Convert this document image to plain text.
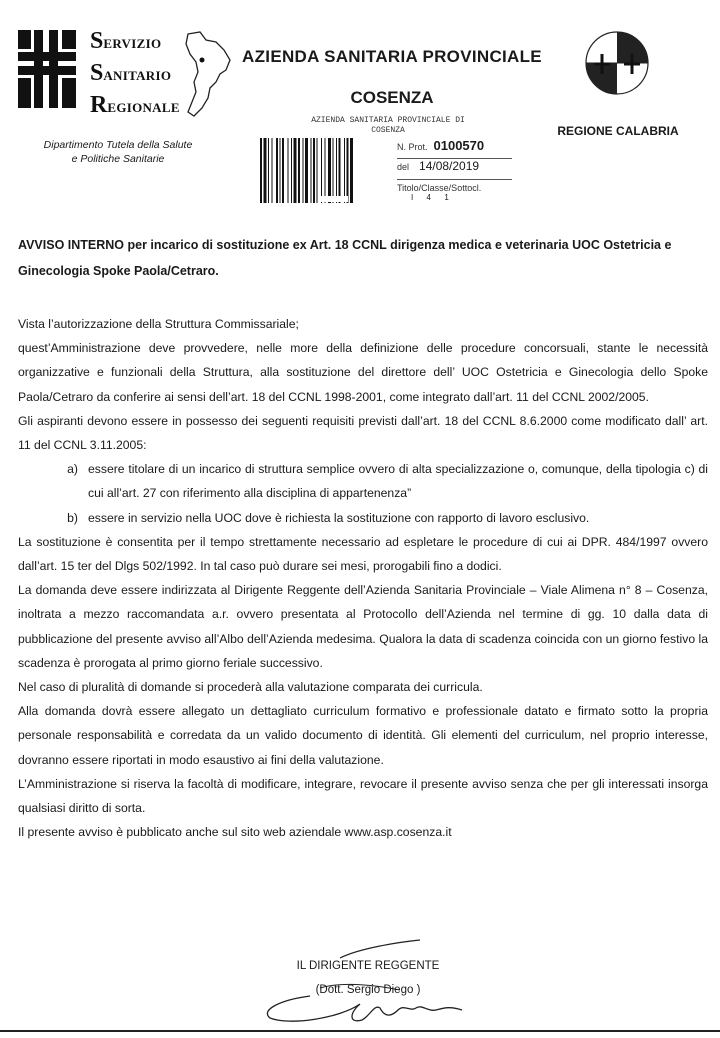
SERVIZIO
SANITARIO
REGIONALE
Dipartimento Tutela della Salute
e Politiche Sanitarie
AZIENDA SANITARIA PROVINCIALE
COSENZA
AZIENDA SANITARIA PROVINCIALE DI
COSENZA
N. Prot. 0100570
del 14/08/2019
Titolo/Classe/Sottocl.
I      4      1
REGIONE CALABRIA
AVVISO INTERNO per incarico di sostituzione ex Art. 18 CCNL dirigenza medica e veterinaria UOC Ostetricia e Ginecologia Spoke Paola/Cetraro.

Vista l’autorizzazione della Struttura Commissariale;

quest’Amministrazione deve provvedere, nelle more della definizione delle procedure concorsuali, stante le necessità organizzative e funzionali della Struttura, alla sostituzione del direttore dell’ UOC Ostetricia e Ginecologia dello Spoke Paola/Cetraro da conferire ai sensi dell’art. 18 del CCNL 1998-2001, come integrato dall’art. 11 del CCNL 2002/2005.

Gli aspiranti devono essere in possesso dei seguenti requisiti previsti dall’art. 18 del CCNL 8.6.2000 come modificato dall’ art. 11 del CCNL 3.11.2005:

a) essere titolare di un incarico di struttura semplice ovvero di alta specializzazione o, comunque, della tipologia c) di cui all’art. 27 con riferimento alla disciplina di appartenenza”
b) essere in servizio nella UOC dove è richiesta la sostituzione con rapporto di lavoro esclusivo.

La sostituzione è consentita per il tempo strettamente necessario ad espletare le procedure di cui ai DPR. 484/1997 ovvero dall’art. 15 ter del Dlgs 502/1992. In tal caso può durare sei mesi, prorogabili fino a dodici.

La domanda deve essere indirizzata al Dirigente Reggente dell’Azienda Sanitaria Provinciale – Viale Alimena n° 8 – Cosenza, inoltrata a mezzo raccomandata a.r. ovvero presentata al Protocollo dell’Azienda nel termine di gg. 10 dalla data di pubblicazione del presente avviso all’Albo dell’Azienda medesima. Qualora la data di scadenza coincida con un giorno festivo la scadenza è prorogata al primo giorno feriale successivo.

Nel caso di pluralità di domande si procederà alla valutazione comparata dei curricula.

Alla domanda dovrà essere allegato un dettagliato curriculum formativo e professionale datato e firmato sotto la propria personale responsabilità e corredata da un valido documento di identità. Gli elementi del curriculum, nel proprio interesse, dovranno essere riportati in modo esaustivo ai fini della valutazione.

L’Amministrazione si riserva la facoltà di modificare, integrare, revocare il presente avviso senza che per gli interessati insorga qualsiasi diritto di sorta.

Il presente avviso è pubblicato anche sul sito web aziendale www.asp.cosenza.it

IL DIRIGENTE REGGENTE
(Dott. Sergio Diego )
